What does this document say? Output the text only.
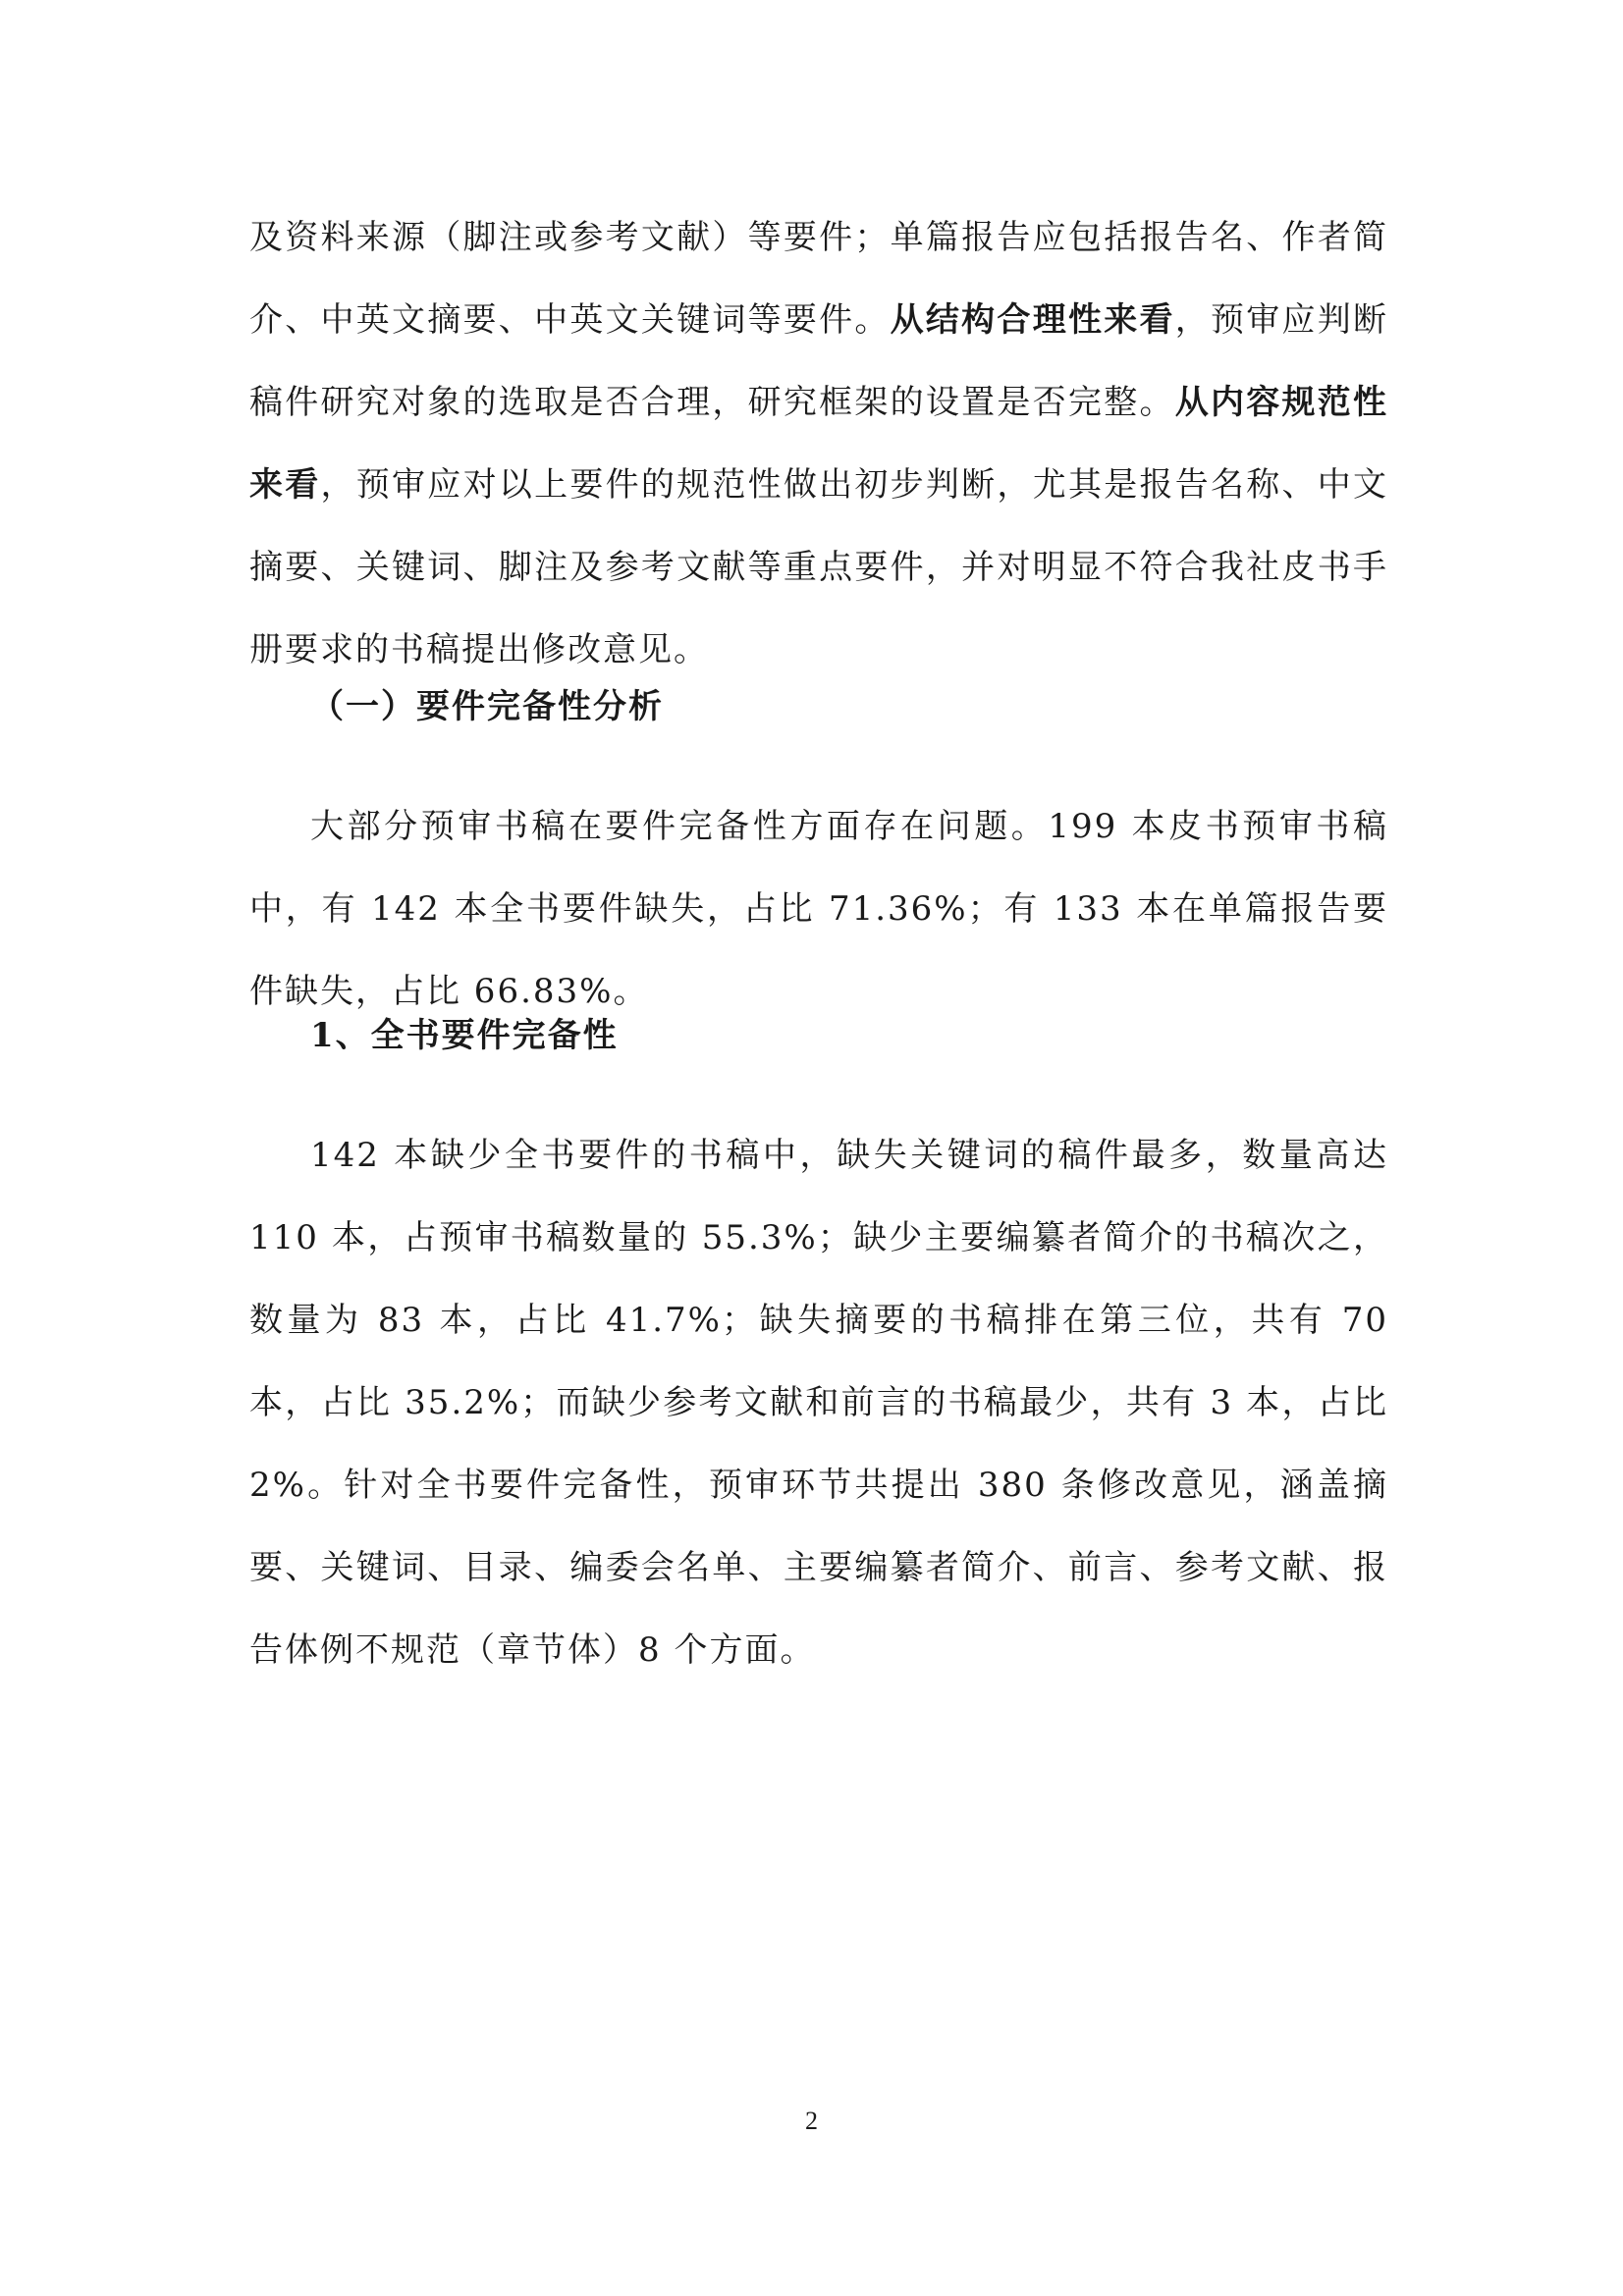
及资料来源（脚注或参考文献）等要件；单篇报告应包括报告名、作者简介、中英文摘要、中英文关键词等要件。从结构合理性来看，预审应判断稿件研究对象的选取是否合理，研究框架的设置是否完整。从内容规范性来看，预审应对以上要件的规范性做出初步判断，尤其是报告名称、中文摘要、关键词、脚注及参考文献等重点要件，并对明显不符合我社皮书手册要求的书稿提出修改意见。

（一）要件完备性分析

大部分预审书稿在要件完备性方面存在问题。199 本皮书预审书稿中，有 142 本全书要件缺失，占比 71.36%；有 133 本在单篇报告要件缺失，占比 66.83%。

1、全书要件完备性

142 本缺少全书要件的书稿中，缺失关键词的稿件最多，数量高达 110 本，占预审书稿数量的 55.3%；缺少主要编纂者简介的书稿次之，数量为 83 本，占比 41.7%；缺失摘要的书稿排在第三位，共有 70 本，占比 35.2%；而缺少参考文献和前言的书稿最少，共有 3 本，占比 2%。针对全书要件完备性，预审环节共提出 380 条修改意见，涵盖摘要、关键词、目录、编委会名单、主要编纂者简介、前言、参考文献、报告体例不规范（章节体）8 个方面。

2
